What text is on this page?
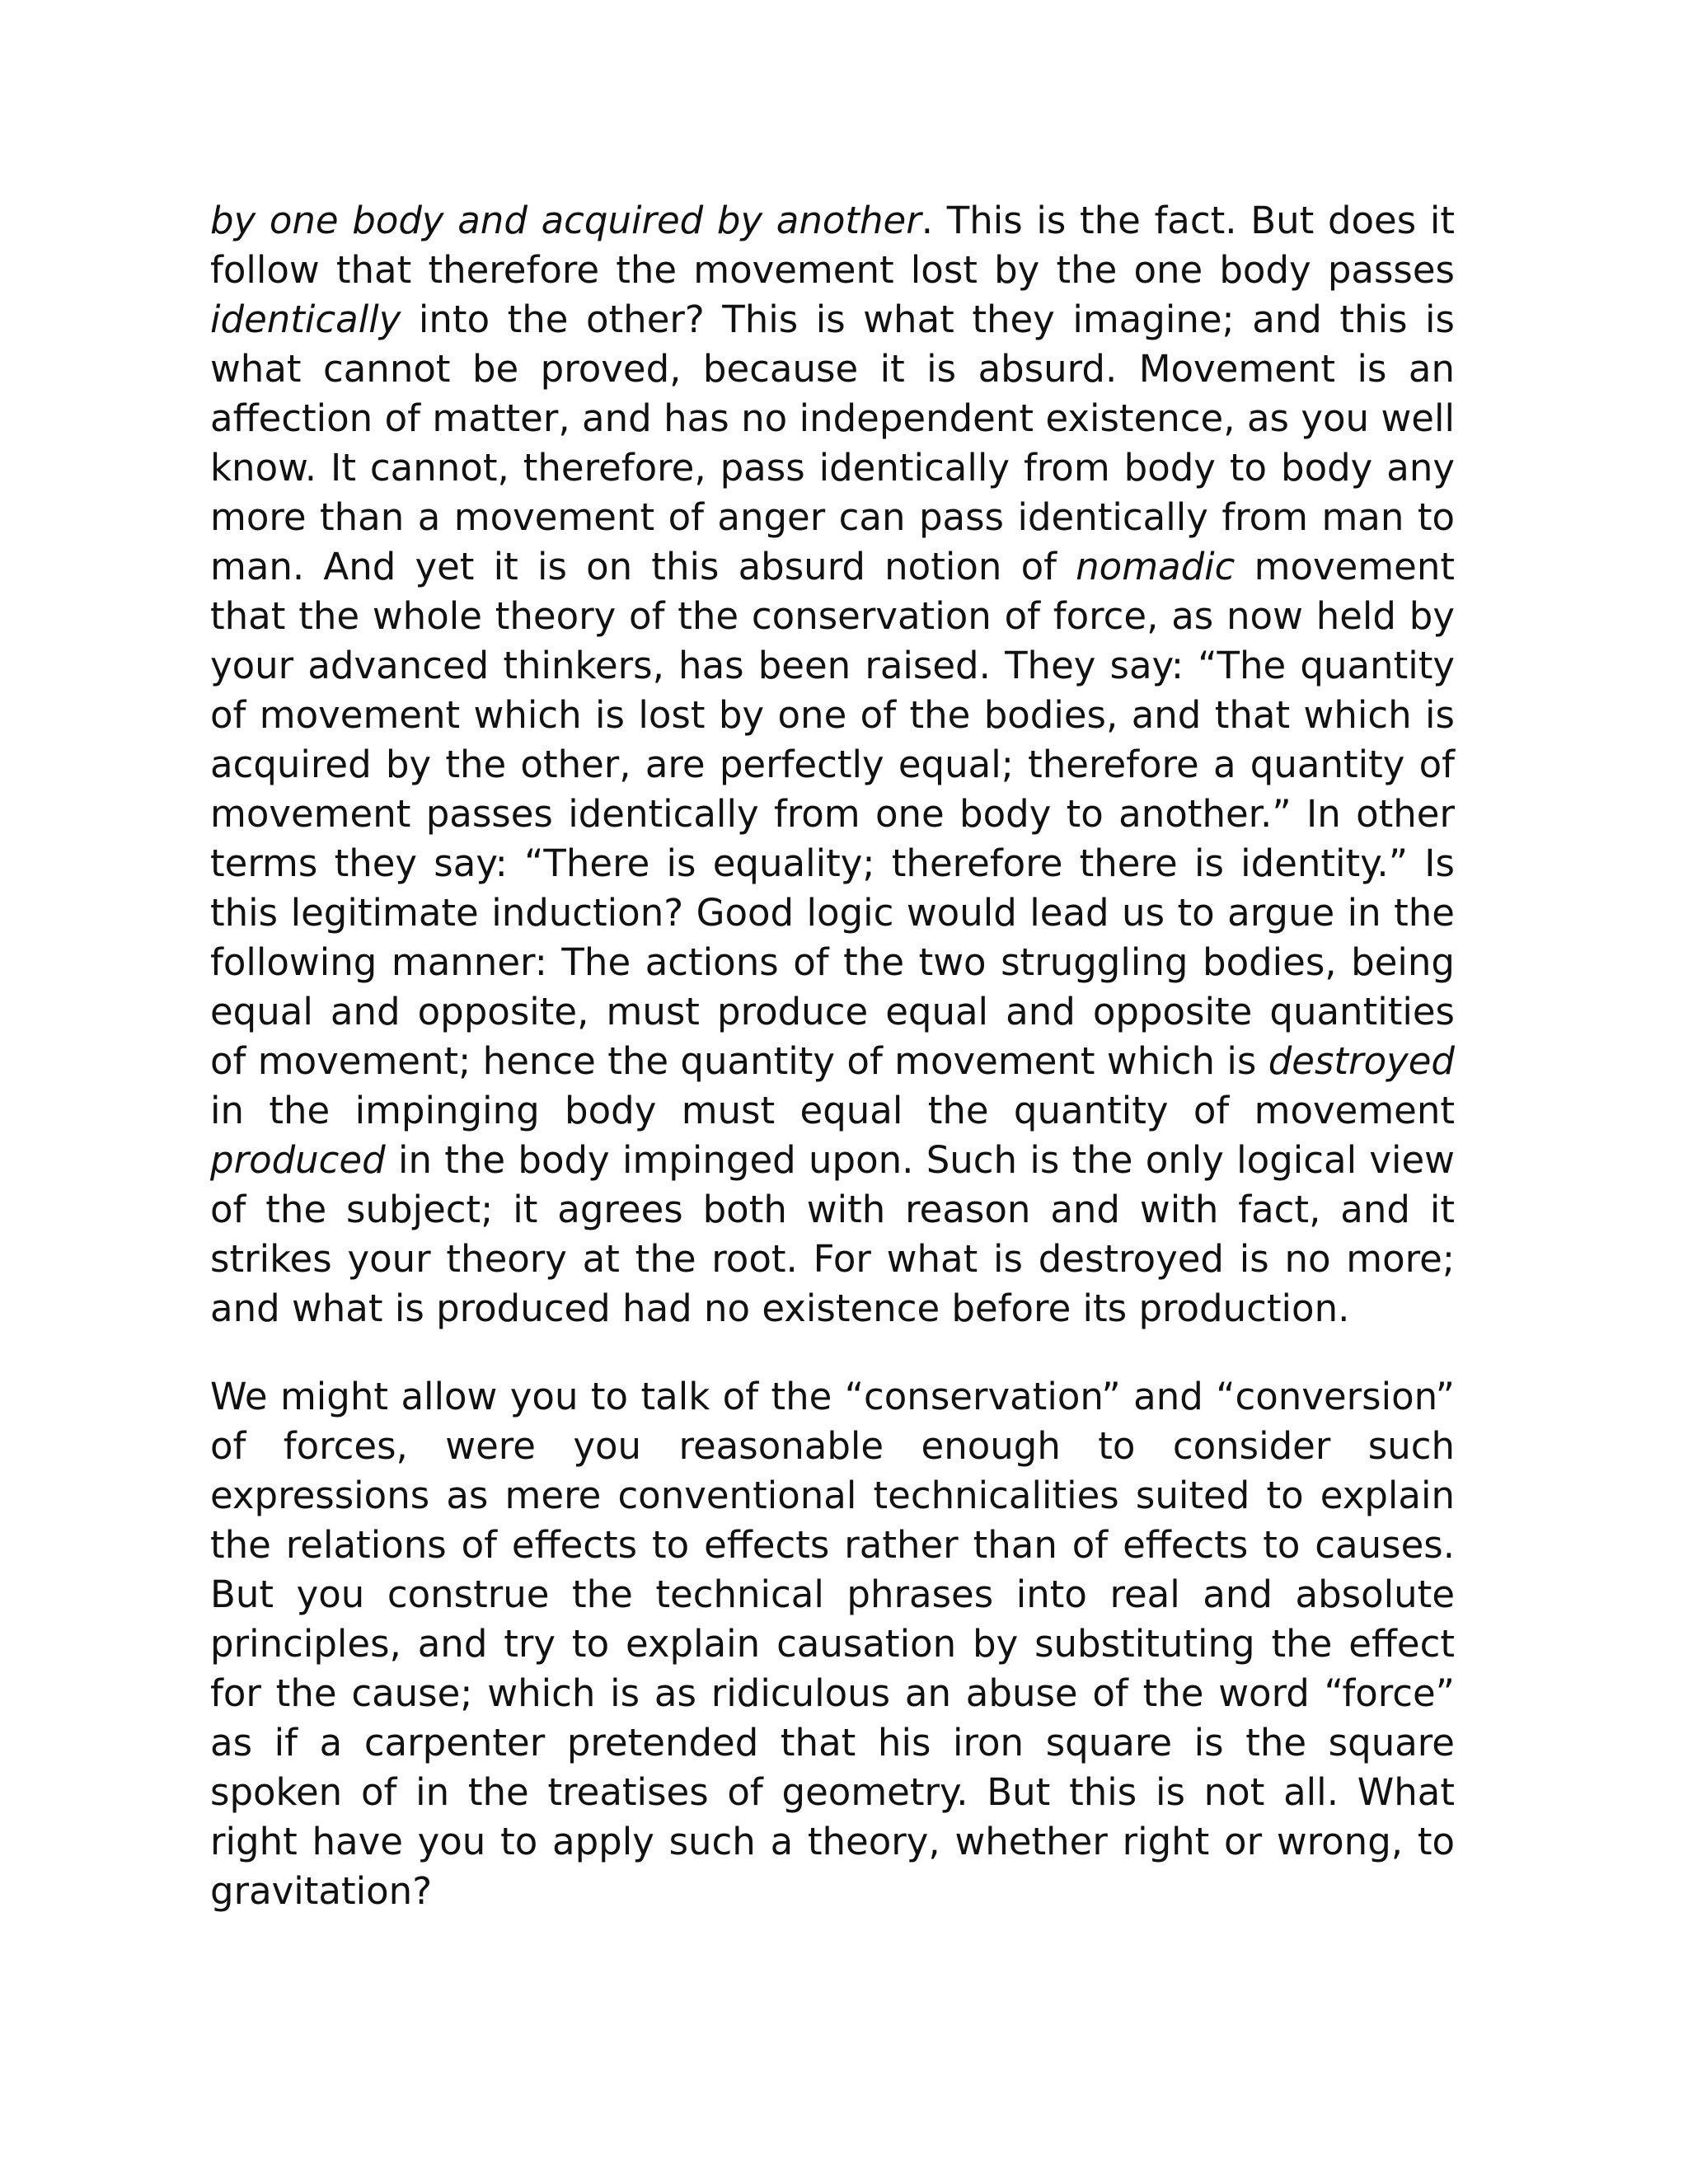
by one body and acquired by another. This is the fact. But does it follow that therefore the movement lost by the one body passes identically into the other? This is what they imagine; and this is what cannot be proved, because it is absurd. Movement is an affection of matter, and has no independent existence, as you well know. It cannot, therefore, pass identically from body to body any more than a movement of anger can pass identically from man to man. And yet it is on this absurd notion of nomadic movement that the whole theory of the conservation of force, as now held by your advanced thinkers, has been raised. They say: “The quantity of movement which is lost by one of the bodies, and that which is acquired by the other, are perfectly equal; therefore a quantity of movement passes identically from one body to another.” In other terms they say: “There is equality; therefore there is identity.” Is this legitimate induction? Good logic would lead us to argue in the following manner: The actions of the two struggling bodies, being equal and opposite, must produce equal and opposite quantities of movement; hence the quantity of movement which is destroyed in the impinging body must equal the quantity of movement produced in the body impinged upon. Such is the only logical view of the subject; it agrees both with reason and with fact, and it strikes your theory at the root. For what is destroyed is no more; and what is produced had no existence before its production.

We might allow you to talk of the “conservation” and “conversion” of forces, were you reasonable enough to consider such expressions as mere conventional technicalities suited to explain the relations of effects to effects rather than of effects to causes. But you construe the technical phrases into real and absolute principles, and try to explain causation by substituting the effect for the cause; which is as ridiculous an abuse of the word “force” as if a carpenter pretended that his iron square is the square spoken of in the treatises of geometry. But this is not all. What right have you to apply such a theory, whether right or wrong, to gravitation?
